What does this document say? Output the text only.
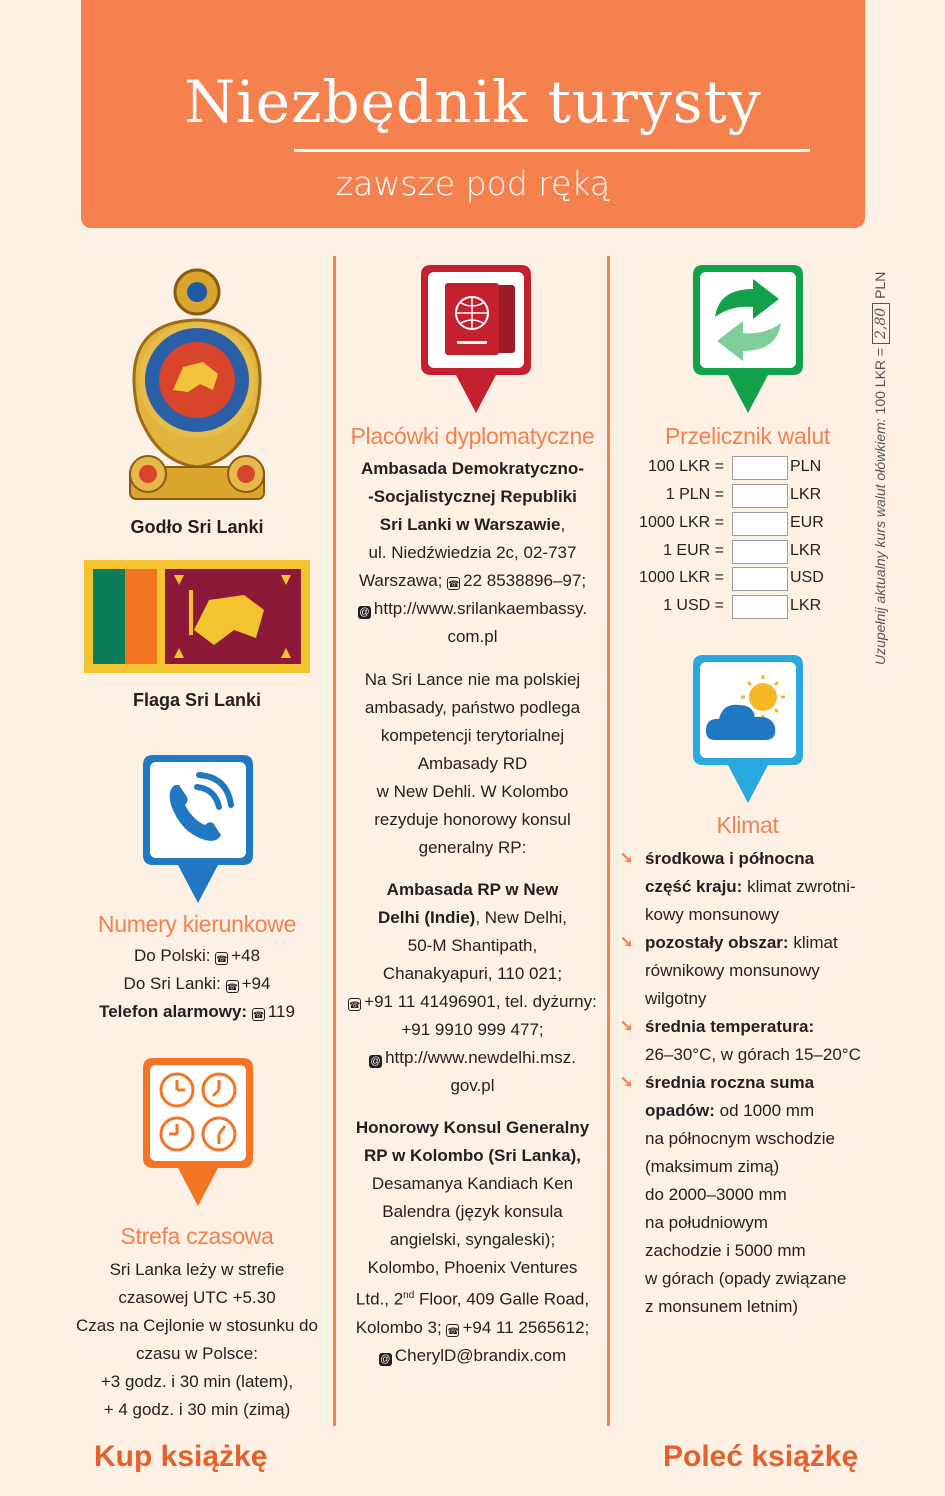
Niezbędnik turysty
zawsze pod ręką
Godło Sri Lanki
Flaga Sri Lanki
Numery kierunkowe
Do Polski: ☎ +48
Do Sri Lanki: ☎ +94
Telefon alarmowy: ☎ 119
Strefa czasowa
Sri Lanka leży w strefie
czasowej UTC +5.30
Czas na Cejlonie w stosunku do
czasu w Polsce:
+3 godz. i 30 min (latem),
+ 4 godz. i 30 min (zimą)
Placówki dyplomatyczne
Ambasada Demokratyczno-
-Socjalistycznej Republiki
Sri Lanki w Warszawie,
ul. Niedźwiedzia 2c, 02-737
Warszawa; ☎ 22 8538896–97;
@ http://www.srilankaembassy.
com.pl
Na Sri Lance nie ma polskiej
ambasady, państwo podlega
kompetencji terytorialnej
Ambasady RD
w New Dehli. W Kolombo
rezyduje honorowy konsul
generalny RP:
Ambasada RP w New
Delhi (Indie), New Delhi,
50-M Shantipath,
Chanakyapuri, 110 021;
☎ +91 11 41496901, tel. dyżurny:
+91 9910 999 477;
@ http://www.newdelhi.msz.
gov.pl
Honorowy Konsul Generalny
RP w Kolombo (Sri Lanka),
Desamanya Kandiach Ken
Balendra (język konsula
angielski, syngaleski);
Kolombo, Phoenix Ventures
Ltd., 2nd Floor, 409 Galle Road,
Kolombo 3; ☎ +94 11 2565612;
@ CherylD@brandix.com
Przelicznik walut
100 LKR =	PLN
1 PLN =	LKR
1000 LKR =	EUR
1 EUR =	LKR
1000 LKR =	USD
1 USD =	LKR
Klimat
➘ środkowa i północna
część kraju: klimat zwrotni-
kowy monsunowy
➘ pozostały obszar: klimat
równikowy monsunowy
wilgotny
➘ średnia temperatura:
26–30°C, w górach 15–20°C
➘ średnia roczna suma
opadów: od 1000 mm
na północnym wschodzie
(maksimum zimą)
do 2000–3000 mm
na południowym
zachodzie i 5000 mm
w górach (opady związane
z monsunem letnim)
Uzupełnij aktualny kurs walut ołówkiem: 100 LKR = 2,80 PLN
Kup książkę	Poleć książkę
